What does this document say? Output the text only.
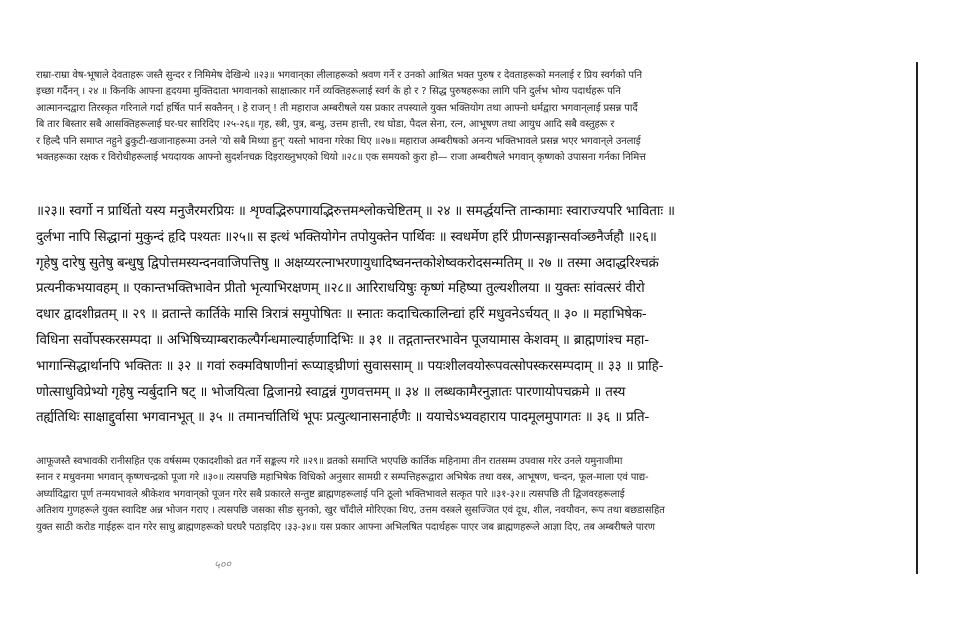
राम्रा-राम्रा वेष-भूषाले देवताहरू जस्तै सुन्दर र निमिमेष देखिन्थे ॥२३॥ भगवान्‌का लीलाहरूको श्रवण गर्ने र उनको आश्रित भक्त पुरुष र देवताहरूको मनलाई र प्रिय स्वर्गको पनि
इच्छा गर्दैनन्‌ । २४ ॥ किनकि आफ्ना हृदयमा मुक्तिदाता भगवानको साक्षात्कार गर्ने व्यक्तिहरूलाई स्वर्ग के हो र ? सिद्ध पुरुषहरूका लागि पनि दुर्लभ भोग्य पदार्थहरू पनि
आत्मानन्दद्वारा तिरस्कृत गरिनाले गर्दा हर्षित पार्न सक्तैनन्‌ । हे राजन्‌ ! ती महाराज अम्बरीषले यस प्रकार तपस्याले युक्त भक्तियोग तथा आफ्नो धर्मद्वारा भगवान्‌लाई प्रसन्न पार्दै
बि तार बिस्तार सबै आसक्तिहरूलाई घर-घर सारिदिए ।२५-२६॥ गृह, स्त्री, पुत्र, बन्धु, उत्तम हात्ती, रथ घोडा, पैदल सेना, रत्न, आभूषण तथा आयुध आदि सबै वस्तुहरू र
र हिल्दै पनि समाप्त नहुने ढुकुटी-खजानाहरूमा उनले 'यो सबै मिथ्या हुन्‌' यस्तो भावना गरेका थिए ॥२७॥ महाराज अम्बरीषको अनन्य भक्तिभावले प्रसन्न भएर भगवान्‌ले उनलाई
भक्तहरूका रक्षक र विरोधीहरूलाई भयदायक आफ्नो सुदर्शनचक्र दिइराख्नुभएको थियो ॥२८॥ एक समयको कुरा हो— राजा अम्बरीषले भगवान्‌ कृष्णको उपासना गर्नका निमित्त
॥२३॥ स्वर्गो न प्रार्थितो यस्य मनुजैरमरप्रियः ॥ शृण्वद्भिरुपगायद्भिरुत्तमश्लोकचेष्टितम्‌ ॥ २४ ॥ समर्द्धयन्ति तान्कामाः स्वाराज्यपरि भाविताः ॥
दुर्लभा नापि सिद्धानां मुकुन्दं हृदि पश्यतः ॥२५॥ स इत्थं भक्तियोगेन तपोयुक्तेन पार्थिवः ॥ स्वधर्मेण हरिं प्रीणन्सङ्गान्सर्वाञ्छनैर्जहौ ॥२६॥
गृहेषु दारेषु सुतेषु बन्धुषु द्विपोत्तमस्यन्दनवाजिपत्तिषु ॥ अक्षय्यरत्नाभरणायुधादिष्वनन्तकोशेष्वकरोदसन्मतिम्‌ ॥ २७ ॥ तस्मा अदाद्धरिश्चक्रं
प्रत्यनीकभयावहम्‌ ॥ एकान्तभक्तिभावेन प्रीतो भृत्याभिरक्षणम्‌ ॥२८॥ आरिराधयिषुः कृष्णं महिष्या तुल्यशीलया ॥ युक्तः सांवत्सरं वीरो
दधार द्वादशीव्रतम्‌ ॥ २९ ॥ व्रतान्ते कार्तिके मासि त्रिरात्रं समुपोषितः ॥ स्नातः कदाचित्कालिन्द्यां हरिं मधुवनेऽर्चयत्‌ ॥ ३० ॥ महाभिषेक-
विधिना सर्वोपस्करसम्पदा ॥ अभिषिच्याम्बराकल्पैर्गन्धमाल्यार्हणादिभिः ॥ ३१ ॥ तद्गतान्तरभावेन पूजयामास केशवम्‌ ॥ ब्राह्मणांश्च महा-
भागान्सिद्धार्थानपि भक्तितः ॥ ३२ ॥ गवां रुक्मविषाणीनां रूप्याङ्घ्रीणां सुवाससाम्‌ ॥ पयःशीलवयोरूपवत्सोपस्करसम्पदाम्‌ ॥ ३३ ॥ प्राहि-
णोत्साधुविप्रेभ्यो गृहेषु न्यर्बुदानि षट्‌ ॥ भोजयित्वा द्विजानग्रे स्वाद्वन्नं गुणवत्तमम्‌ ॥ ३४ ॥ लब्धकामैरनुज्ञातः पारणायोपचक्रमे ॥ तस्य
तर्ह्यतिथिः साक्षाद्दुर्वासा भगवानभूत्‌ ॥ ३५ ॥ तमानर्चातिथिं भूपः प्रत्युत्थानासनार्हणैः ॥ ययाचेऽभ्यवहाराय पादमूलमुपागतः ॥ ३६ ॥ प्रति-
आफूजस्तै स्वभावकी रानीसहित एक वर्षसम्म एकादशीको व्रत गर्ने सङ्कल्प गरे ॥२९॥ व्रतको समाप्ति भएपछि कार्तिक महिनामा तीन रातसम्म उपवास गरेर उनले यमुनाजीमा
स्नान र मधुवनमा भगवान्‌ कृष्णचन्द्रको पूजा गरे ॥३०॥ त्यसपछि महाभिषेक विधिको अनुसार सामग्री र सम्पत्तिहरूद्वारा अभिषेक तथा वस्त्र, आभूषण, चन्दन, फूल-माला एवं पाद्य-
अर्घ्यादिद्वारा पूर्ण तन्मयभावले श्रीकेशव भगवान्‌को पूजन गरेर सबै प्रकारले सन्तुष्ट ब्राह्मणहरूलाई पनि ठूलो भक्तिभावले सत्कृत पारे ॥३१-३२॥ त्यसपछि ती द्विजवरहरूलाई
अतिशय गुणहरूले युक्त स्वादिष्ट अन्न भोजन गराए । त्यसपछि जसका सीङ सुनको, खुर चाँदीले मोरिएका थिए, उत्तम वस्त्रले सुसज्जित एवं दूध, शील, नवयौवन, रूप तथा बछडासहित
युक्त साठी करोड गाईहरू दान गरेर साधु ब्राह्मणहरूको घरघरै पठाइदिए ।३३-३४॥ यस प्रकार आफ्ना अभिलषित पदार्थहरू पाएर जब ब्राह्मणहरूले आज्ञा दिए, तब अम्बरीषले पारण
५००
